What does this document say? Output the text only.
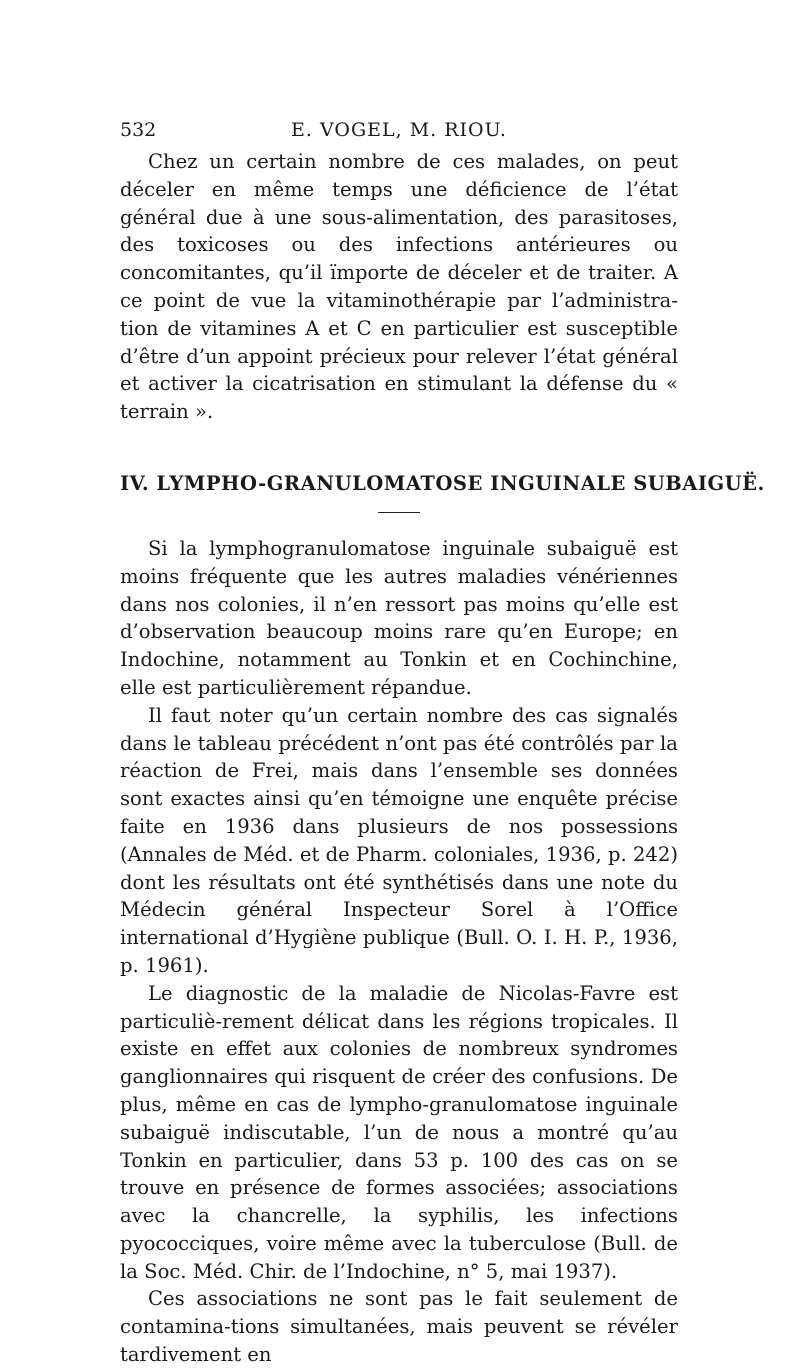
532	E. VOGEL, M. RIOU.

Chez un certain nombre de ces malades, on peut déceler en même temps une déficience de l’état général due à une sous-alimentation, des parasitoses, des toxicoses ou des infections antérieures ou concomitantes, qu’il ïmporte de déceler et de traiter. A ce point de vue la vitaminothérapie par l’administra-tion de vitamines A et C en particulier est susceptible d’être d’un appoint précieux pour relever l’état général et activer la cicatrisation en stimulant la défense du « terrain ».

IV. LYMPHO-GRANULOMATOSE INGUINALE SUBAIGUË.

Si la lymphogranulomatose inguinale subaiguë est moins fréquente que les autres maladies vénériennes dans nos colonies, il n’en ressort pas moins qu’elle est d’observation beaucoup moins rare qu’en Europe; en Indochine, notamment au Tonkin et en Cochinchine, elle est particulièrement répandue.

Il faut noter qu’un certain nombre des cas signalés dans le tableau précédent n’ont pas été contrôlés par la réaction de Frei, mais dans l’ensemble ses données sont exactes ainsi qu’en témoigne une enquête précise faite en 1936 dans plusieurs de nos possessions (Annales de Méd. et de Pharm. coloniales, 1936, p. 242) dont les résultats ont été synthétisés dans une note du Médecin général Inspecteur Sorel à l’Office international d’Hygiène publique (Bull. O. I. H. P., 1936, p. 1961).

Le diagnostic de la maladie de Nicolas-Favre est particuliè-rement délicat dans les régions tropicales. Il existe en effet aux colonies de nombreux syndromes ganglionnaires qui risquent de créer des confusions. De plus, même en cas de lympho-granulomatose inguinale subaiguë indiscutable, l’un de nous a montré qu’au Tonkin en particulier, dans 53 p. 100 des cas on se trouve en présence de formes associées; associations avec la chancrelle, la syphilis, les infections pyococciques, voire même avec la tuberculose (Bull. de la Soc. Méd. Chir. de l’Indochine, n° 5, mai 1937).

Ces associations ne sont pas le fait seulement de contamina-tions simultanées, mais peuvent se révéler tardivement en
